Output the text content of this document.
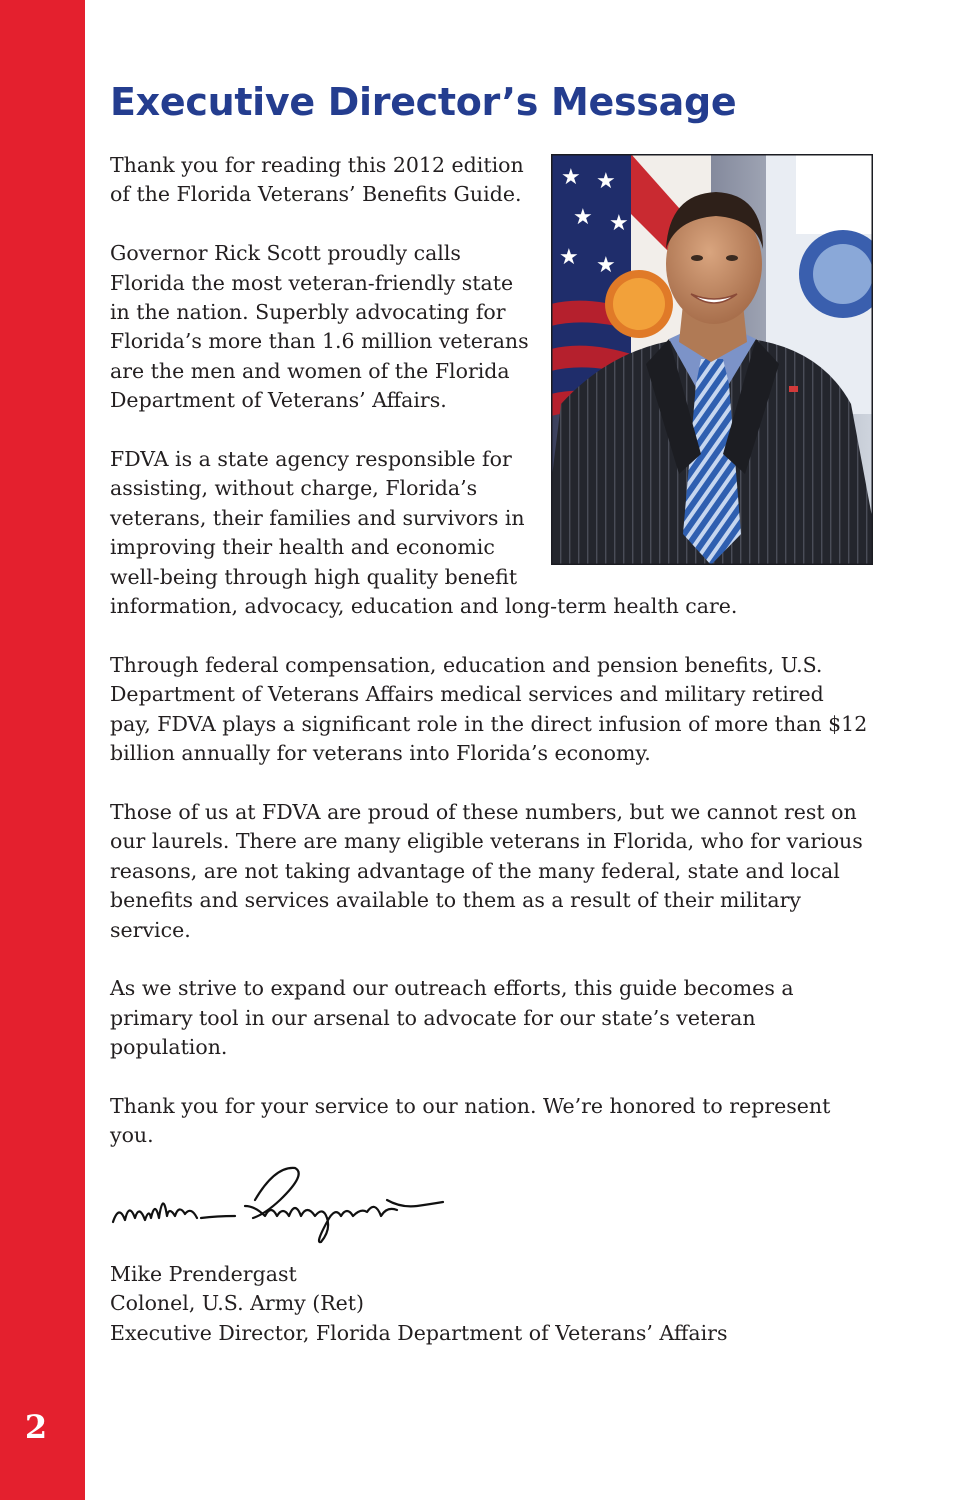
2
Executive Director’s Message
★ ★
★ ★
★ ★

Thank you for reading this 2012 edition of the Florida Veterans’ Benefits Guide.

Governor Rick Scott proudly calls Florida the most veteran-friendly state in the nation. Superbly advocating for Florida’s more than 1.6 million veterans are the men and women of the Florida Department of Veterans’ Affairs.

FDVA is a state agency responsible for assisting, without charge, Florida’s veterans, their families and survivors in improving their health and economic well-being through high quality benefit information, advocacy, education and long-term health care.

Through federal compensation, education and pension benefits, U.S. Department of Veterans Affairs medical services and military retired pay, FDVA plays a significant role in the direct infusion of more than $12 billion annually for veterans into Florida’s economy.

Those of us at FDVA are proud of these numbers, but we cannot rest on our laurels. There are many eligible veterans in Florida, who for various reasons, are not taking advantage of the many federal, state and local benefits and services available to them as a result of their military service.

As we strive to expand our outreach efforts, this guide becomes a primary tool in our arsenal to advocate for our state’s veteran population.

Thank you for your service to our nation. We’re honored to represent you.

Mike Prendergast
Colonel, U.S. Army (Ret)
Executive Director, Florida Department of Veterans’ Affairs
